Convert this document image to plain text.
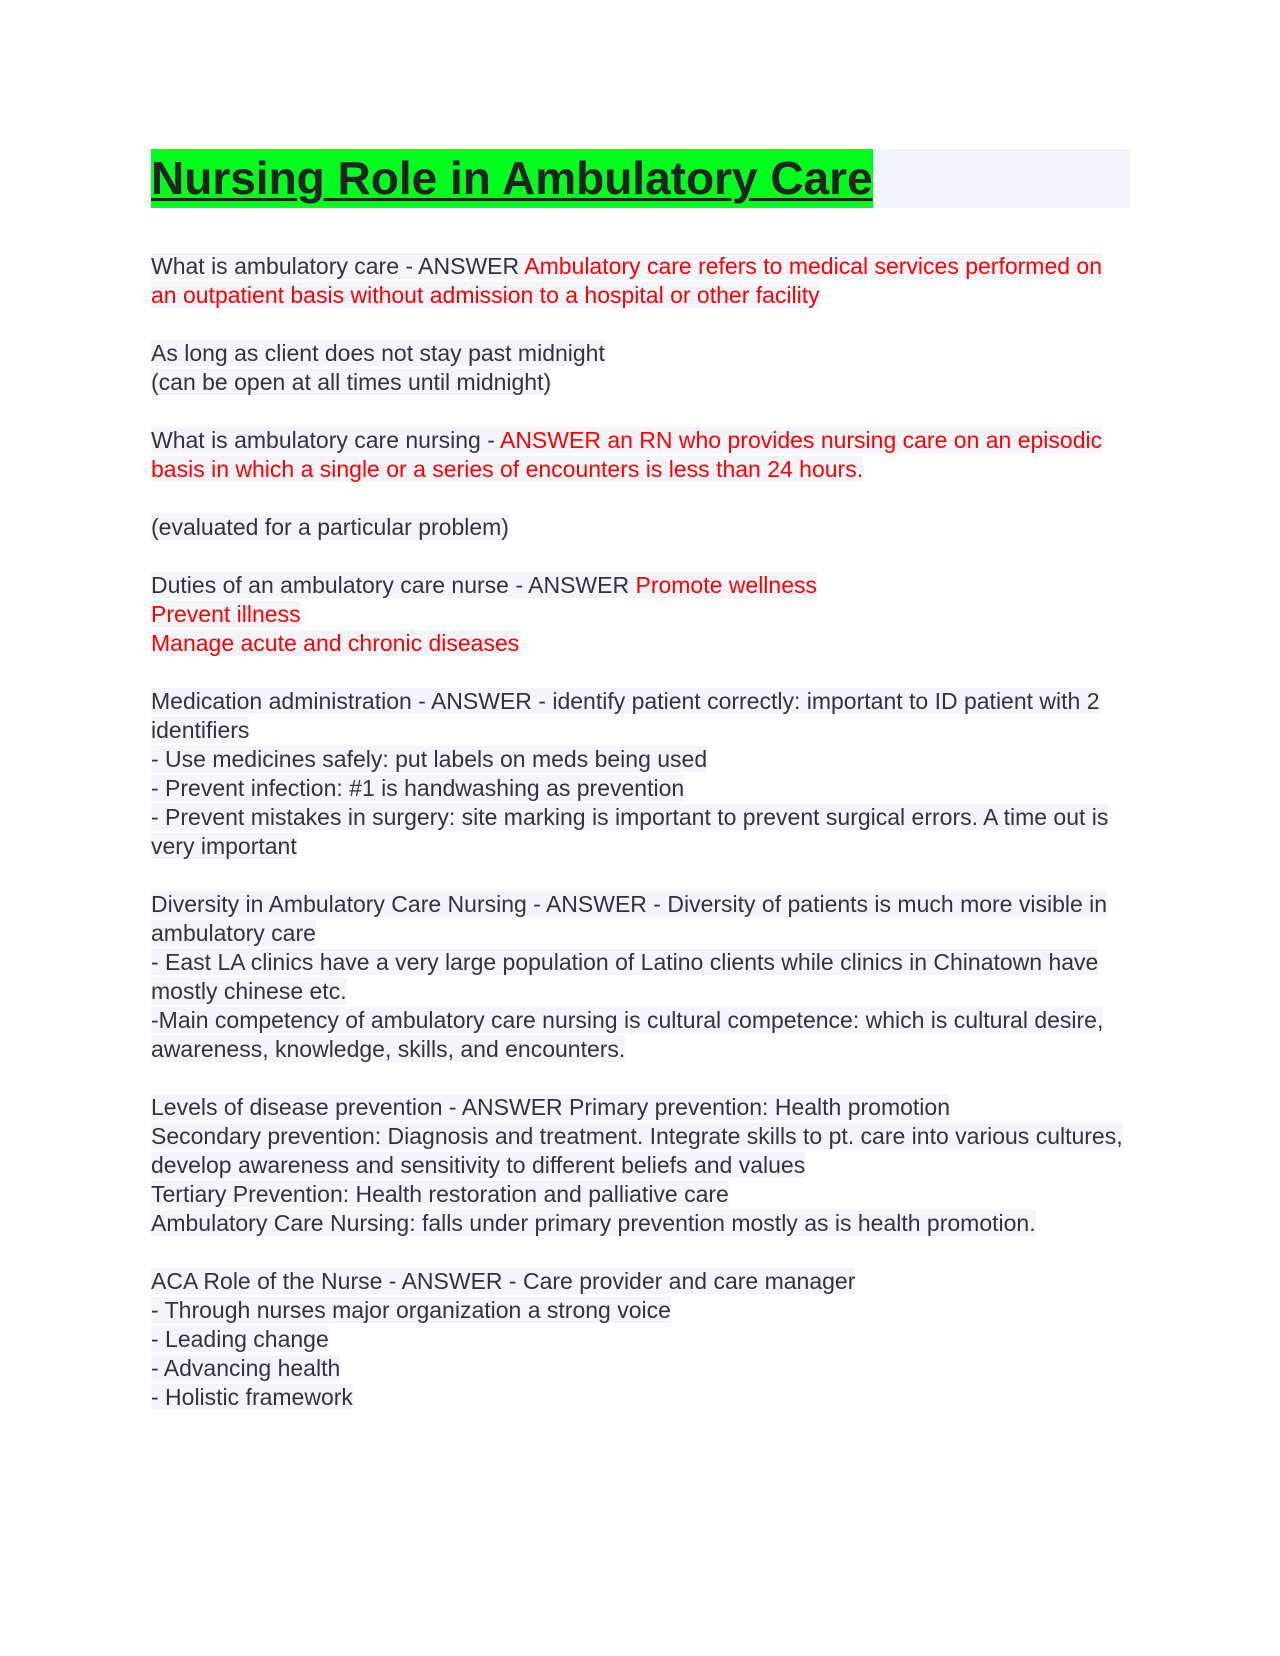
Nursing Role in Ambulatory Care
What is ambulatory care - ANSWER Ambulatory care refers to medical services performed on an outpatient basis without admission to a hospital or other facility
As long as client does not stay past midnight
(can be open at all times until midnight)
What is ambulatory care nursing - ANSWER an RN who provides nursing care on an episodic basis in which a single or a series of encounters is less than 24 hours.
(evaluated for a particular problem)
Duties of an ambulatory care nurse - ANSWER Promote wellness
Prevent illness
Manage acute and chronic diseases
Medication administration - ANSWER - identify patient correctly: important to ID patient with 2 identifiers
- Use medicines safely: put labels on meds being used
- Prevent infection: #1 is handwashing as prevention
- Prevent mistakes in surgery: site marking is important to prevent surgical errors. A time out is very important
Diversity in Ambulatory Care Nursing - ANSWER - Diversity of patients is much more visible in ambulatory care
- East LA clinics have a very large population of Latino clients while clinics in Chinatown have mostly chinese etc.
-Main competency of ambulatory care nursing is cultural competence: which is cultural desire, awareness, knowledge, skills, and encounters.
Levels of disease prevention - ANSWER Primary prevention: Health promotion
Secondary prevention: Diagnosis and treatment. Integrate skills to pt. care into various cultures,
develop awareness and sensitivity to different beliefs and values
Tertiary Prevention: Health restoration and palliative care
Ambulatory Care Nursing: falls under primary prevention mostly as is health promotion.
ACA Role of the Nurse - ANSWER - Care provider and care manager
- Through nurses major organization a strong voice
- Leading change
- Advancing health
- Holistic framework
